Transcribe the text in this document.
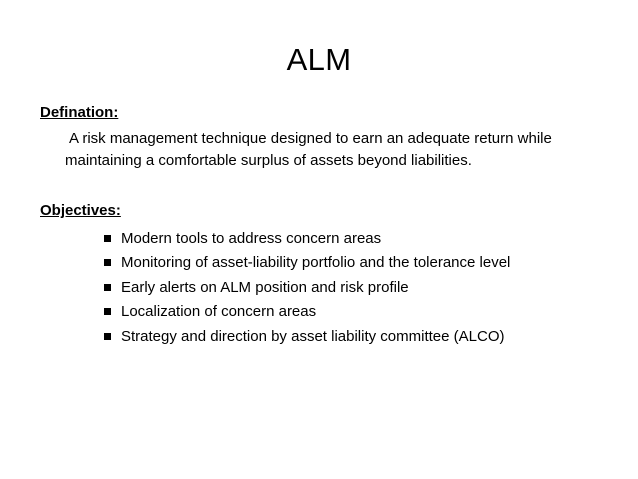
ALM
Defination:
A risk management technique designed to earn an adequate return while
maintaining a comfortable surplus of assets beyond liabilities.
Objectives:
Modern tools to address concern areas
Monitoring of asset-liability portfolio and the tolerance level
Early alerts on ALM position and risk profile
Localization of concern areas
Strategy and direction by asset liability committee (ALCO)
